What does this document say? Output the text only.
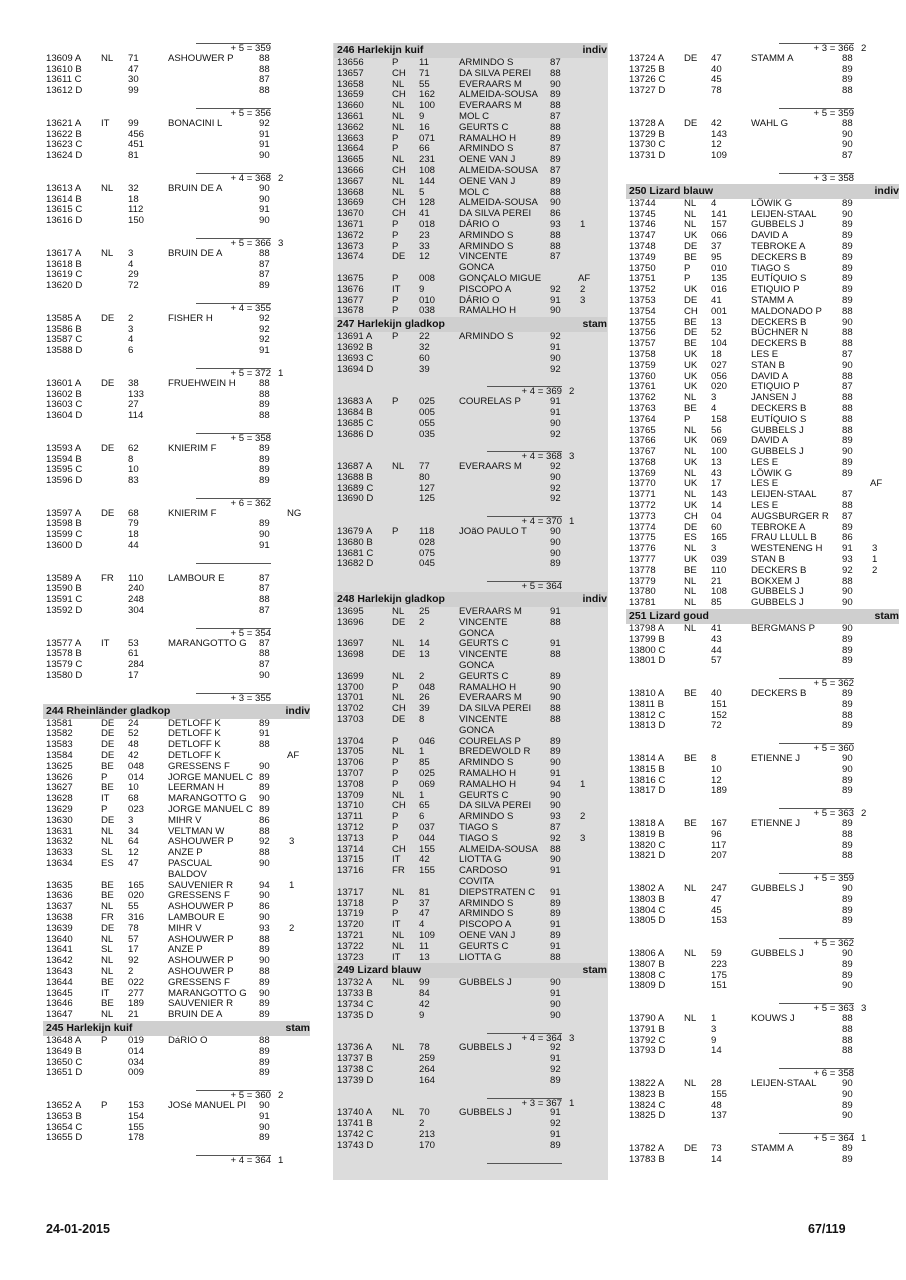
+ 5 = 359
13609 A NL 71	ASHOUWER P	88
13610 B	47	88
13611 C	30	87
13612 D	99	88
+ 5 = 356
13621 A IT 99	BONACINI L	92
13622 B	456	91
13623 C	451	91
13624 D	81	90
+ 4 = 368 2
13613 A NL 32	BRUIN DE A	90
13614 B	18	90
13615 C	112	91
13616 D	150	90
+ 5 = 366 3
13617 A NL 3	BRUIN DE A	88
13618 B	4	87
13619 C	29	87
13620 D	72	89
+ 4 = 355
13585 A DE 2	FISHER H	92
13586 B	3	92
13587 C	4	92
13588 D	6	91
+ 5 = 372 1
13601 A DE 38	FRUEHWEIN H 88
13602 B	133	88
13603 C	27	89
13604 D	114	88
+ 5 = 358
13593 A DE 62	KNIERIM F	89
13594 B	8	89
13595 C	10	89
13596 D	83	89
+ 6 = 362
13597 A DE 68	KNIERIM F	NG
13598 B	79	89
13599 C	18	90
13600 D	44	91
13589 A FR 110	LAMBOUR E	87
13590 B	240	87
13591 C	248	88
13592 D	304	87
+ 5 = 354
13577 A IT 53	MARANGOTTO G 87
13578 B	61	88
13579 C	284	87
13580 D	17	90
+ 3 = 355
244 Rheinländer gladkop	indiv
13581	DE 24	DETLOFF K	89
13582	DE 52	DETLOFF K	91
13583	DE 48	DETLOFF K	88
13584	DE 42	DETLOFF K	AF
13625	BE 048 GRESSENS F	90
13626	P 014 JORGE MANUEL C 89
13627	BE 10	LEERMAN H	89
13628	IT 68	MARANGOTTO G 90
13629	P 023 JORGE MANUEL C 89
13630	DE 3	MIHR V	86
13631	NL 34	VELTMAN W	88
13632	NL 64	ASHOUWER P	92 3
13633	SL 12	ANZE P	88
13634	ES 47	PASCUAL	90
BALDOV
13635	BE 165 SAUVENIER R	94 1
13636	BE 020 GRESSENS F	90
13637	NL 55	ASHOUWER P	86
13638	FR 316 LAMBOUR E	90
13639	DE 78	MIHR V	93 2
13640	NL 57	ASHOUWER P	88
13641	SL 17	ANZE P	89
13642	NL 92	ASHOUWER P	90
13643	NL 2	ASHOUWER P	88
13644	BE 022 GRESSENS F	89
13645	IT 277 MARANGOTTO G 90
13646	BE 189 SAUVENIER R	89
13647	NL 21	BRUIN DE A	89
245 Harlekijn kuif	stam
13648 A P 019 DáRIO O	88
13649 B	014	89
13650 C	034	89
13651 D	009	89
+ 5 = 360 2
13652 A P 153 JOSé MANUEL PI 90
13653 B	154	91
13654 C	155	90
13655 D	178	89
+ 4 = 364 1
246 Harlekijn kuif	indiv
13656	P 11	ARMINDO S	87
13657	CH 71	DA SILVA PEREI 88
13658	NL 55	EVERAARS M	90
13659	CH 162 ALMEIDA-SOUSA 89
13660	NL 100 EVERAARS M	88
13661	NL 9	MOL C	87
13662	NL 16	GEURTS C	88
13663	P 071 RAMALHO H	89
13664	P 66	ARMINDO S	87
13665	NL 231 OENE VAN J	89
13666	CH 108 ALMEIDA-SOUSA 87
13667	NL 144 OENE VAN J	89
13668	NL 5	MOL C	88
13669	CH 128 ALMEIDA-SOUSA 90
13670	CH 41	DA SILVA PEREI 86
13671	P 018 DÁRIO O	93 1
13672	P 23	ARMINDO S	88
13673	P 33	ARMINDO S	88
13674	DE 12	VINCENTE	87
GONCA
13675	P 008 GONÇALO MIGUE	AF
13676	IT 9	PISCOPO A	92 2
13677	P 010 DÁRIO O	91 3
13678	P 038 RAMALHO H	90
247 Harlekijn gladkop	stam
13691 A P 22	ARMINDO S	92
13692 B	32	91
13693 C	60	90
13694 D	39	92
+ 4 = 369 2
13683 A P 025 COURELAS P	91
13684 B	005	91
13685 C	055	90
13686 D	035	92
+ 4 = 368 3
13687 A NL 77	EVERAARS M	92
13688 B	80	90
13689 C	127	92
13690 D	125	92
+ 4 = 370 1
13679 A P 118	JOãO PAULO T 90
13680 B	028	90
13681 C	075	90
13682 D	045	89
+ 5 = 364
248 Harlekijn gladkop	indiv
13695	NL 25	EVERAARS M	91
13696	DE 2	VINCENTE	88
GONCA
13697	NL 14	GEURTS C	91
13698	DE 13	VINCENTE	88
GONCA
13699	NL 2	GEURTS C	89
13700	P 048 RAMALHO H	90
13701	NL 26	EVERAARS M	90
13702	CH 39	DA SILVA PEREI 88
13703	DE 8	VINCENTE	88
GONCA
13704	P 046 COURELAS P	89
13705	NL 1	BREDEWOLD R 89
13706	P 85	ARMINDO S	90
13707	P 025 RAMALHO H	91
13708	P 069 RAMALHO H	94 1
13709	NL 1	GEURTS C	90
13710	CH 65	DA SILVA PEREI 90
13711	P 6	ARMINDO S	93 2
13712	P 037 TIAGO S	87
13713	P 044 TIAGO S	92 3
13714	CH 155 ALMEIDA-SOUSA 88
13715	IT 42	LIOTTA G	90
13716	FR 155 CARDOSO	91
COVITA
13717	NL 81	DIEPSTRATEN C 91
13718	P 37	ARMINDO S	89
13719	P 47	ARMINDO S	89
13720	IT 4	PISCOPO A	91
13721	NL 109 OENE VAN J	89
13722	NL 11	GEURTS C	91
13723	IT 13	LIOTTA G	88
249 Lizard blauw	stam
13732 A NL 99	GUBBELS J	90
13733 B	84	91
13734 C	42	90
13735 D	9	90
+ 4 = 364 3
13736 A NL 78	GUBBELS J	92
13737 B	259	91
13738 C	264	92
13739 D	164	89
+ 3 = 367 1
13740 A NL 70	GUBBELS J	91
13741 B	2	92
13742 C	213	91
13743 D	170	89
+ 3 = 366 2
13724 A DE 47	STAMM A	88
13725 B	40	89
13726 C	45	89
13727 D	78	88
+ 5 = 359
13728 A DE 42	WAHL G	88
13729 B	143	90
13730 C	12	90
13731 D	109	87
+ 3 = 358
250 Lizard blauw	indiv
13744	NL 4	LÖWIK G	89
13745	NL 141 LEIJEN-STAAL	90
13746	NL 157 GUBBELS J	89
13747	UK 066 DAVID A	89
13748	DE 37	TEBROKE A	89
13749	BE 95	DECKERS B	89
13750	P 010 TIAGO S	89
13751	P 135 EUTÍQUIO S	89
13752	UK 016 ETIQUIO P	89
13753	DE 41	STAMM A	89
13754	CH 001 MALDONADO P 88
13755	BE 13	DECKERS B	90
13756	DE 52	BÜCHNER N	88
13757	BE 104 DECKERS B	88
13758	UK 18	LES E	87
13759	UK 027 STAN B	90
13760	UK 056 DAVID A	88
13761	UK 020 ETIQUIO P	87
13762	NL 3	JANSEN J	88
13763	BE 4	DECKERS B	88
13764	P 158 EUTÍQUIO S	88
13765	NL 56	GUBBELS J	88
13766	UK 069 DAVID A	89
13767	NL 100 GUBBELS J	90
13768	UK 13	LES E	89
13769	NL 43	LÖWIK G	89
13770	UK 17	LES E	AF
13771	NL 143 LEIJEN-STAAL	87
13772	UK 14	LES E	88
13773	CH 04	AUGSBURGER R 87
13774	DE 60	TEBROKE A	89
13775	ES 165 FRAU LLULL B	86
13776	NL 3	WESTENENG H 91 3
13777	UK 039 STAN B	93 1
13778	BE 110	DECKERS B	92 2
13779	NL 21	BOKXEM J	88
13780	NL 108 GUBBELS J	90
13781	NL 85	GUBBELS J	90
251 Lizard goud	stam
13798 A NL 41	BERGMANS P	90
13799 B	43	89
13800 C	44	89
13801 D	57	89
+ 5 = 362
13810 A BE 40	DECKERS B	89
13811 B	151	89
13812 C	152	88
13813 D	72	89
+ 5 = 360
13814 A BE 8	ETIENNE J	90
13815 B	10	90
13816 C	12	89
13817 D	189	89
+ 5 = 363 2
13818 A BE 167 ETIENNE J	89
13819 B	96	88
13820 C	117	89
13821 D	207	88
+ 5 = 359
13802 A NL 247 GUBBELS J	90
13803 B	47	89
13804 C	45	89
13805 D	153	89
+ 5 = 362
13806 A NL 59	GUBBELS J	90
13807 B	223	89
13808 C	175	89
13809 D	151	90
+ 5 = 363 3
13790 A NL 1	KOUWS J	88
13791 B	3	88
13792 C	9	88
13793 D	14	88
+ 6 = 358
13822 A NL 28	LEIJEN-STAAL	90
13823 B	155	90
13824 C	48	89
13825 D	137	90
+ 5 = 364 1
13782 A DE 73	STAMM A	89
13783 B	14	89
24-01-2015	67/119
